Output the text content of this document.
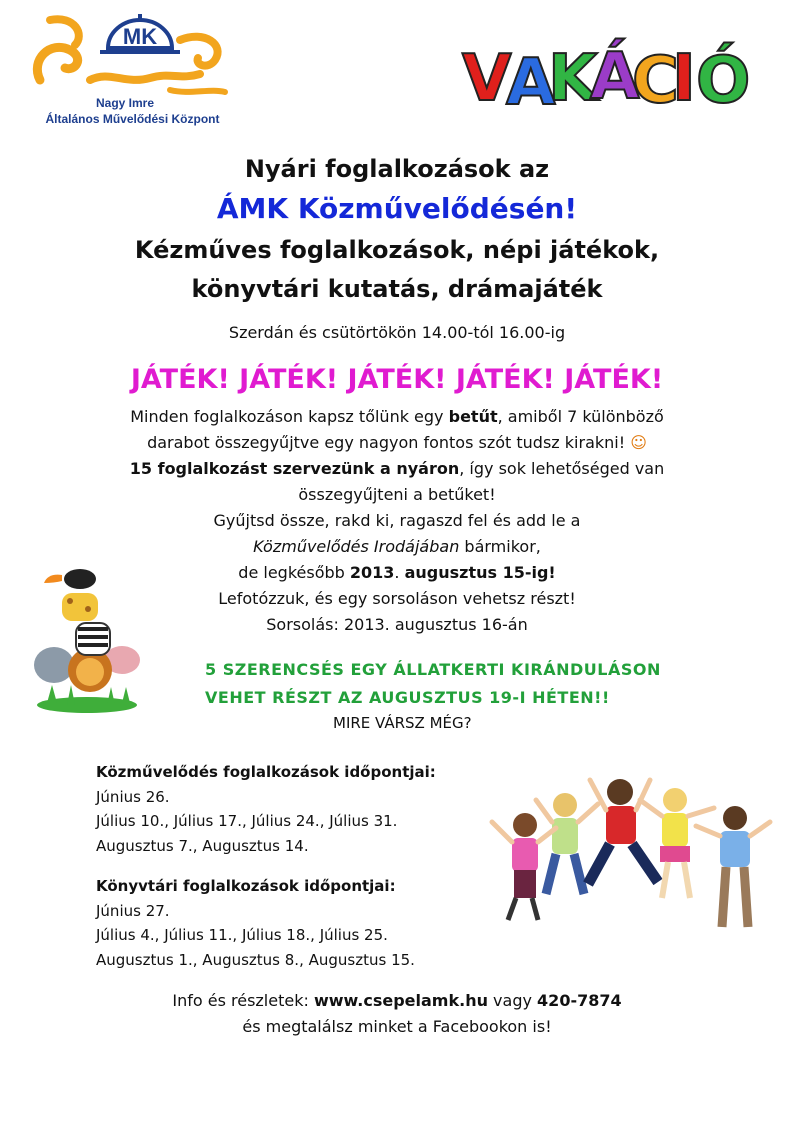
MK
Nagy Imre
Általános Művelődési Központ
V
A
K
Á
C
I Ó
Nyári foglalkozások az
ÁMK Közművelődésén!
Kézműves foglalkozások, népi játékok,
könyvtári kutatás, drámajáték
Szerdán és csütörtökön 14.00-tól 16.00-ig
JÁTÉK! JÁTÉK! JÁTÉK! JÁTÉK! JÁTÉK!
Minden foglalkozáson kapsz tőlünk egy betűt, amiből 7 különböző
darabot összegyűjtve egy nagyon fontos szót tudsz kirakni! ☺
15 foglalkozást szervezünk a nyáron, így sok lehetőséged van
összegyűjteni a betűket!
Gyűjtsd össze, rakd ki, ragaszd fel és add le a
Közművelődés Irodájában bármikor,
de legkésőbb 2013. augusztus 15-ig!
Lefotózzuk, és egy sorsoláson vehetsz részt!
Sorsolás: 2013. augusztus 16-án
5 SZERENCSÉS EGY ÁLLATKERTI KIRÁNDULÁSON
VEHET RÉSZT AZ AUGUSZTUS 19-I HÉTEN!!
MIRE VÁRSZ MÉG?
Közművelődés foglalkozások időpontjai:
Június 26.
Július 10., Július 17., Július 24., Július 31.
Augusztus 7., Augusztus 14.
Könyvtári foglalkozások időpontjai:
Június 27.
Július 4., Július 11., Július 18., Július 25.
Augusztus 1., Augusztus 8., Augusztus 15.
Info és részletek: www.csepelamk.hu vagy 420-7874
és megtalálsz minket a Facebookon is!
